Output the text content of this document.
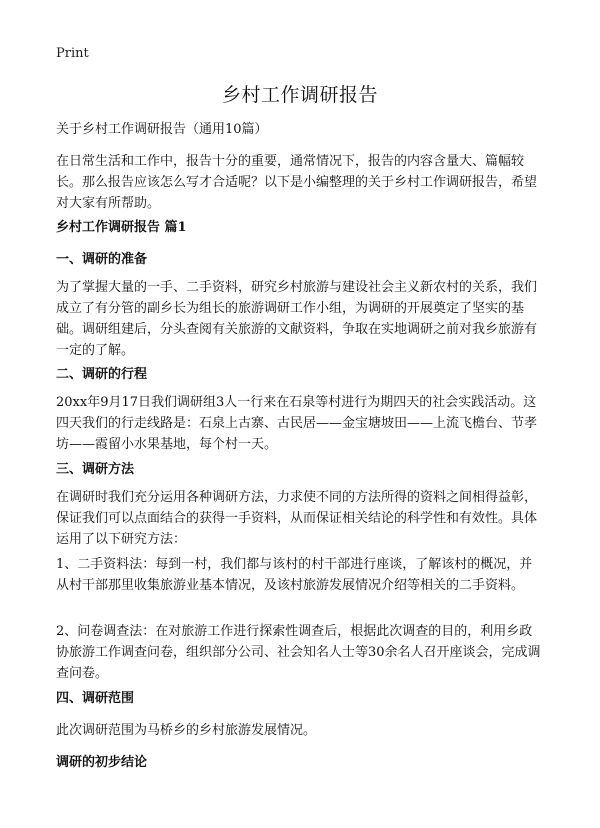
Print
乡村工作调研报告

关于乡村工作调研报告（通用10篇）

在日常生活和工作中，报告十分的重要，通常情况下，报告的内容含量大、篇幅较长。那么报告应该怎么写才合适呢？以下是小编整理的关于乡村工作调研报告，希望对大家有所帮助。

乡村工作调研报告 篇1

一、调研的准备

为了掌握大量的一手、二手资料，研究乡村旅游与建设社会主义新农村的关系，我们成立了有分管的副乡长为组长的旅游调研工作小组，为调研的开展奠定了坚实的基础。调研组建后，分头查阅有关旅游的文献资料，争取在实地调研之前对我乡旅游有一定的了解。

二、调研的行程

20xx年9月17日我们调研组3人一行来在石泉等村进行为期四天的社会实践活动。这四天我们的行走线路是：石泉上古寨、古民居——金宝塘坡田——上流飞檐台、节孝坊——霞留小水果基地，每个村一天。

三、调研方法

在调研时我们充分运用各种调研方法，力求使不同的方法所得的资料之间相得益彰，保证我们可以点面结合的获得一手资料，从而保证相关结论的科学性和有效性。具体运用了以下研究方法：

1、二手资料法：每到一村，我们都与该村的村干部进行座谈，了解该村的概况，并从村干部那里收集旅游业基本情况，及该村旅游发展情况介绍等相关的二手资料。

2、问卷调查法：在对旅游工作进行探索性调查后，根据此次调查的目的，利用乡政协旅游工作调查问卷，组织部分公司、社会知名人士等30余名人召开座谈会，完成调查问卷。

四、调研范围

此次调研范围为马桥乡的乡村旅游发展情况。

调研的初步结论
